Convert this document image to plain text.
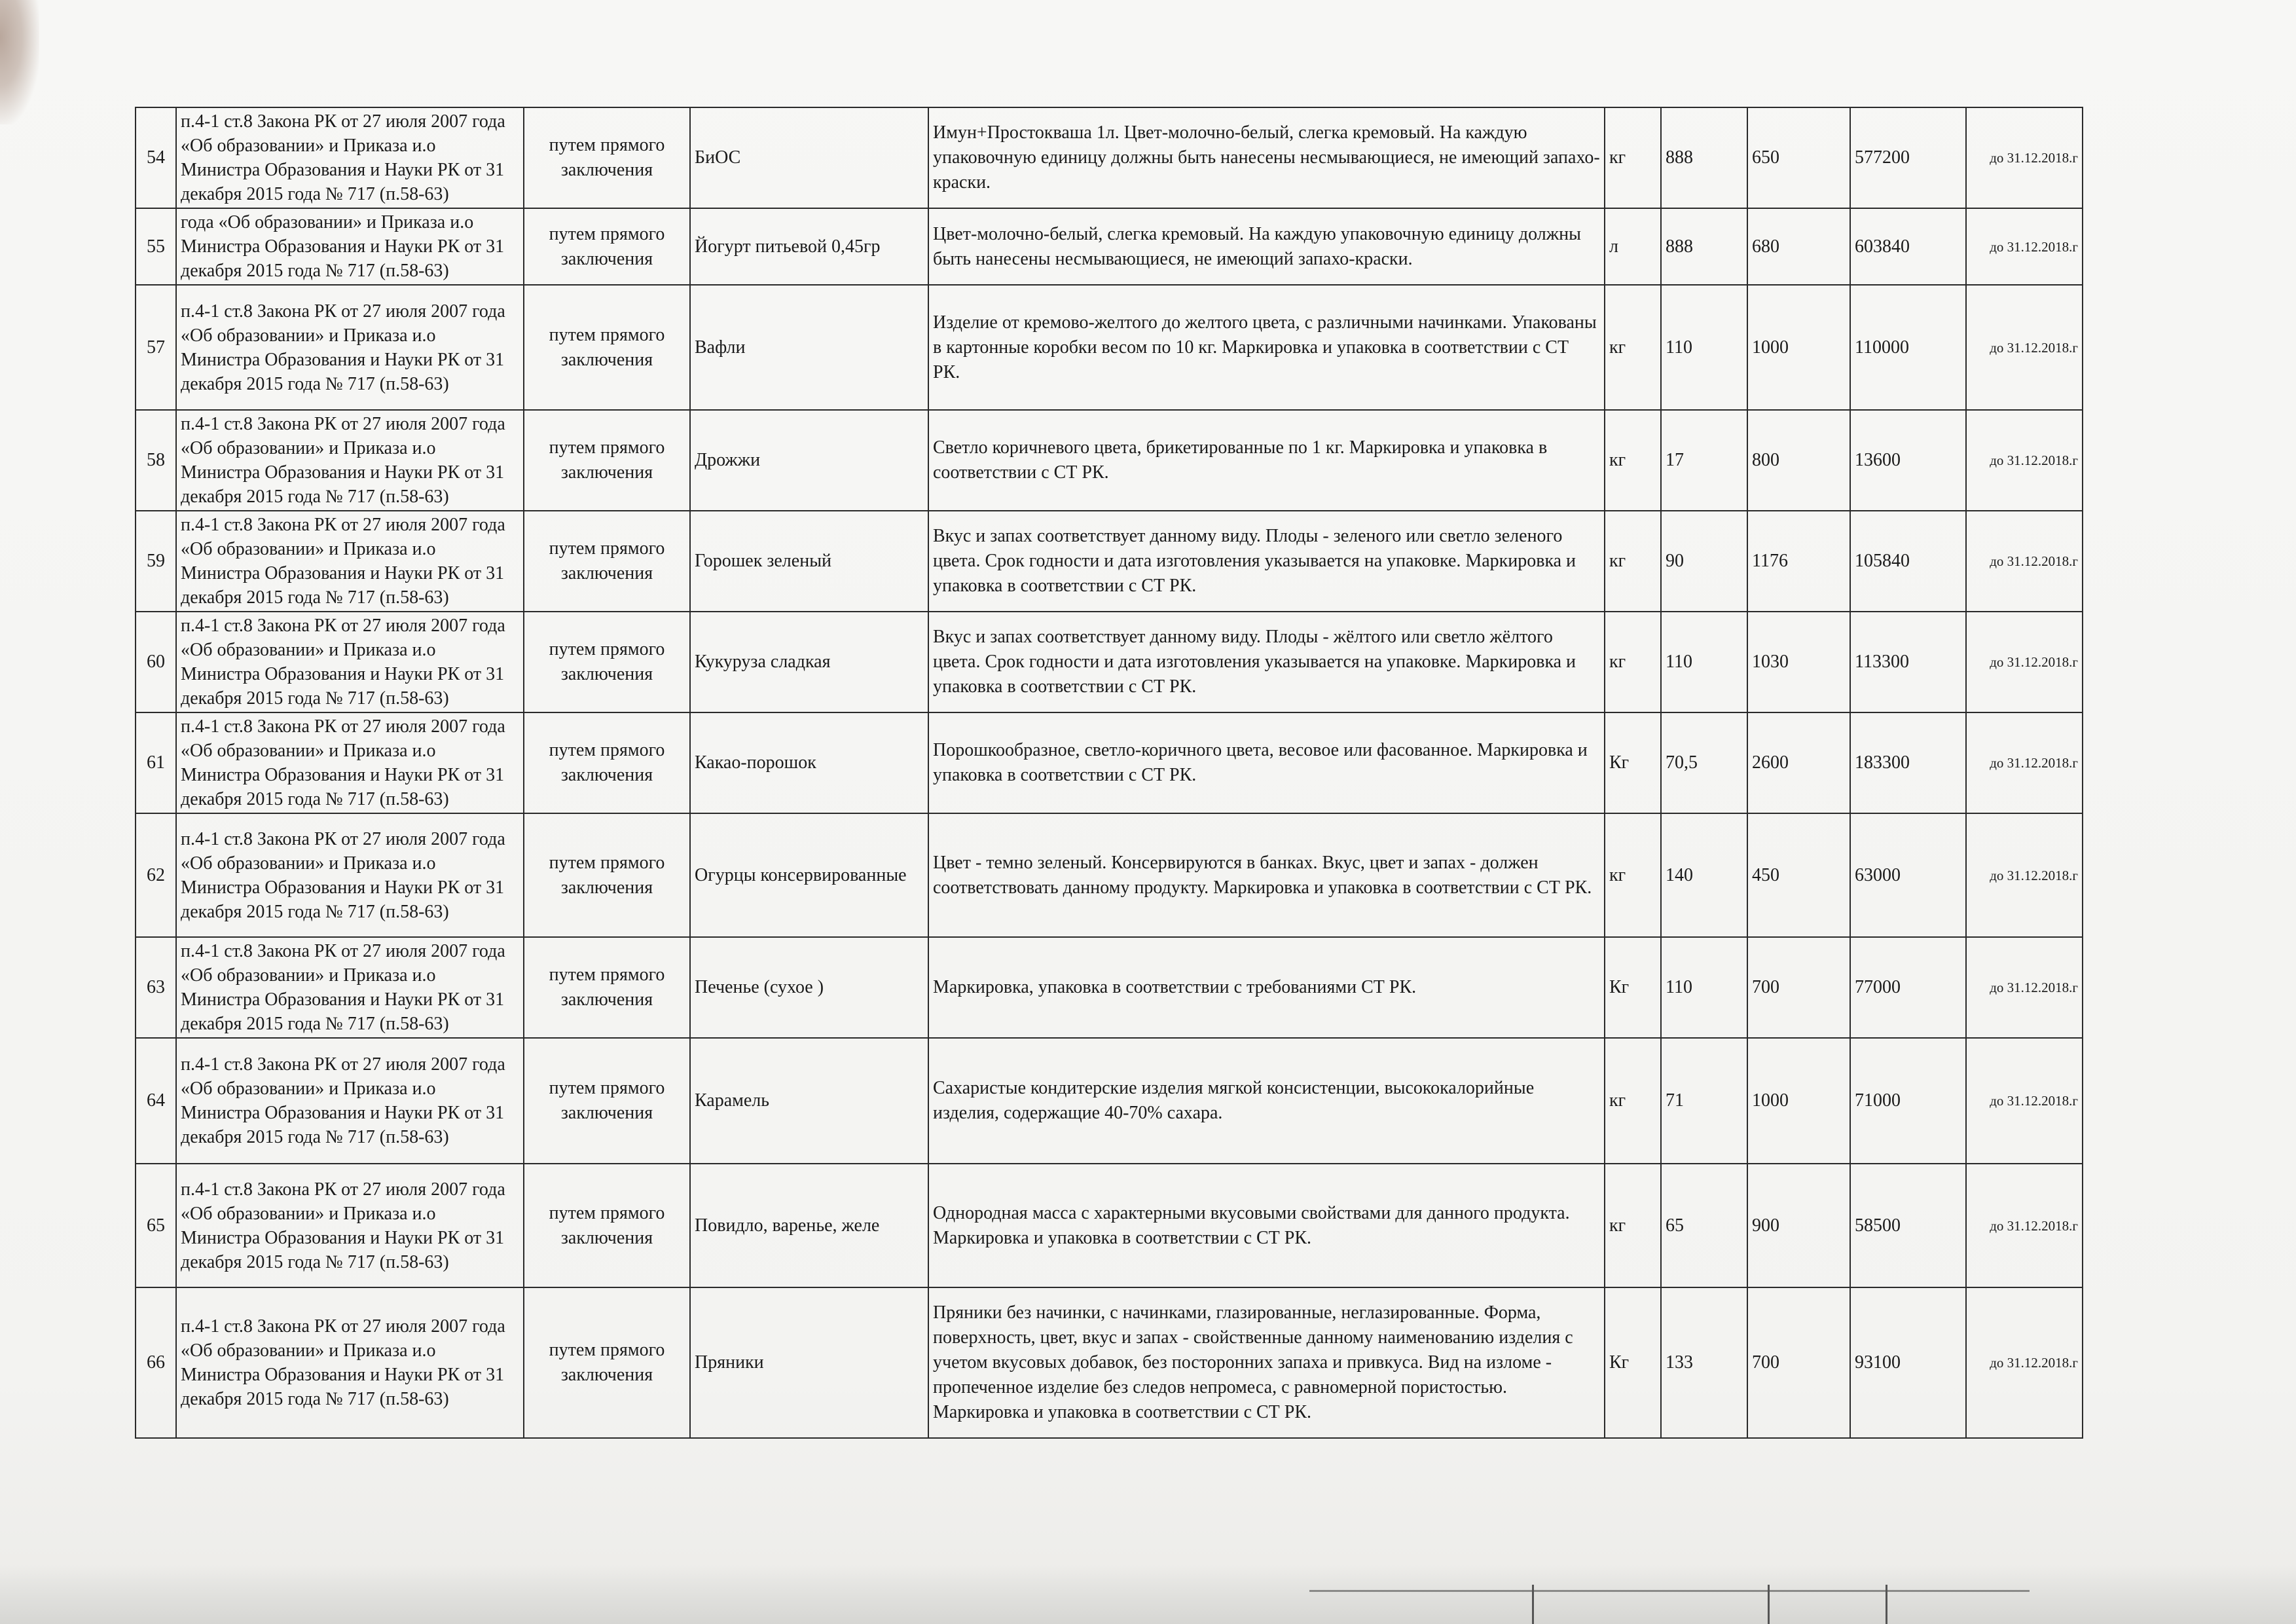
54	п.4-1 ст.8 Закона РК от 27 июля 2007 года «Об образовании» и Приказа и.о Министра Образования и Науки РК от 31 декабря 2015 года № 717 (п.58-63)	путем прямого заключения	БиОС	Имун+Простокваша 1л. Цвет-молочно-белый, слегка кремовый. На каждую упаковочную единицу должны быть нанесены несмывающиеся, не имеющий запахо-краски.	кг	888	650	577200	до 31.12.2018.г
55	года «Об образовании» и Приказа и.о Министра Образования и Науки РК от 31 декабря 2015 года № 717 (п.58-63)	путем прямого заключения	Йогурт питьевой 0,45гр	Цвет-молочно-белый, слегка кремовый. На каждую упаковочную единицу должны быть нанесены несмывающиеся, не имеющий запахо-краски.	л	888	680	603840	до 31.12.2018.г
57	п.4-1 ст.8 Закона РК от 27 июля 2007 года «Об образовании» и Приказа и.о Министра Образования и Науки РК от 31 декабря 2015 года № 717 (п.58-63)	путем прямого заключения	Вафли	Изделие от кремово-желтого до желтого цвета, с различными начинками. Упакованы в картонные коробки весом по 10 кг. Маркировка и упаковка в соответствии с СТ РК.	кг	110	1000	110000	до 31.12.2018.г
58	п.4-1 ст.8 Закона РК от 27 июля 2007 года «Об образовании» и Приказа и.о Министра Образования и Науки РК от 31 декабря 2015 года № 717 (п.58-63)	путем прямого заключения	Дрожжи	Светло коричневого цвета, брикетированные по 1 кг. Маркировка и упаковка в соответствии с СТ РК.	кг	17	800	13600	до 31.12.2018.г
59	п.4-1 ст.8 Закона РК от 27 июля 2007 года «Об образовании» и Приказа и.о Министра Образования и Науки РК от 31 декабря 2015 года № 717 (п.58-63)	путем прямого заключения	Горошек зеленый	Вкус и запах соответствует данному виду. Плоды - зеленого или светло зеленого цвета. Срок годности и дата изготовления указывается на упаковке. Маркировка и упаковка в соответствии с СТ РК.	кг	90	1176	105840	до 31.12.2018.г
60	п.4-1 ст.8 Закона РК от 27 июля 2007 года «Об образовании» и Приказа и.о Министра Образования и Науки РК от 31 декабря 2015 года № 717 (п.58-63)	путем прямого заключения	Кукуруза сладкая	Вкус и запах соответствует данному виду. Плоды - жёлтого или светло жёлтого цвета. Срок годности и дата изготовления указывается на упаковке. Маркировка и упаковка в соответствии с СТ РК.	кг	110	1030	113300	до 31.12.2018.г
61	п.4-1 ст.8 Закона РК от 27 июля 2007 года «Об образовании» и Приказа и.о Министра Образования и Науки РК от 31 декабря 2015 года № 717 (п.58-63)	путем прямого заключения	Какао-порошок	Порошкообразное, светло-коричного цвета, весовое или фасованное. Маркировка и упаковка в соответствии с СТ РК.	Кг	70,5	2600	183300	до 31.12.2018.г
62	п.4-1 ст.8 Закона РК от 27 июля 2007 года «Об образовании» и Приказа и.о Министра Образования и Науки РК от 31 декабря 2015 года № 717 (п.58-63)	путем прямого заключения	Огурцы консервированные	Цвет - темно зеленый. Консервируются в банках. Вкус, цвет и запах - должен соответствовать данному продукту. Маркировка и упаковка в соответствии с СТ РК.	кг	140	450	63000	до 31.12.2018.г
63	п.4-1 ст.8 Закона РК от 27 июля 2007 года «Об образовании» и Приказа и.о Министра Образования и Науки РК от 31 декабря 2015 года № 717 (п.58-63)	путем прямого заключения	Печенье (сухое )	Маркировка, упаковка в соответствии с требованиями СТ РК.	Кг	110	700	77000	до 31.12.2018.г
64	п.4-1 ст.8 Закона РК от 27 июля 2007 года «Об образовании» и Приказа и.о Министра Образования и Науки РК от 31 декабря 2015 года № 717 (п.58-63)	путем прямого заключения	Карамель	Сахаристые кондитерские изделия мягкой консистенции, высококалорийные изделия, содержащие 40-70% сахара.	кг	71	1000	71000	до 31.12.2018.г
65	п.4-1 ст.8 Закона РК от 27 июля 2007 года «Об образовании» и Приказа и.о Министра Образования и Науки РК от 31 декабря 2015 года № 717 (п.58-63)	путем прямого заключения	Повидло, варенье, желе	Однородная масса с характерными вкусовыми свойствами для данного продукта. Маркировка и упаковка в соответствии с СТ РК.	кг	65	900	58500	до 31.12.2018.г
66	п.4-1 ст.8 Закона РК от 27 июля 2007 года «Об образовании» и Приказа и.о Министра Образования и Науки РК от 31 декабря 2015 года № 717 (п.58-63)	путем прямого заключения	Пряники	Пряники без начинки, с начинками, глазированные, неглазированные. Форма, поверхность, цвет, вкус и запах - свойственные данному наименованию изделия с учетом вкусовых добавок, без посторонних запаха и привкуса. Вид на изломе - пропеченное изделие без следов непромеса, с равномерной пористостью. Маркировка и упаковка в соответствии с СТ РК.	Кг	133	700	93100	до 31.12.2018.г
